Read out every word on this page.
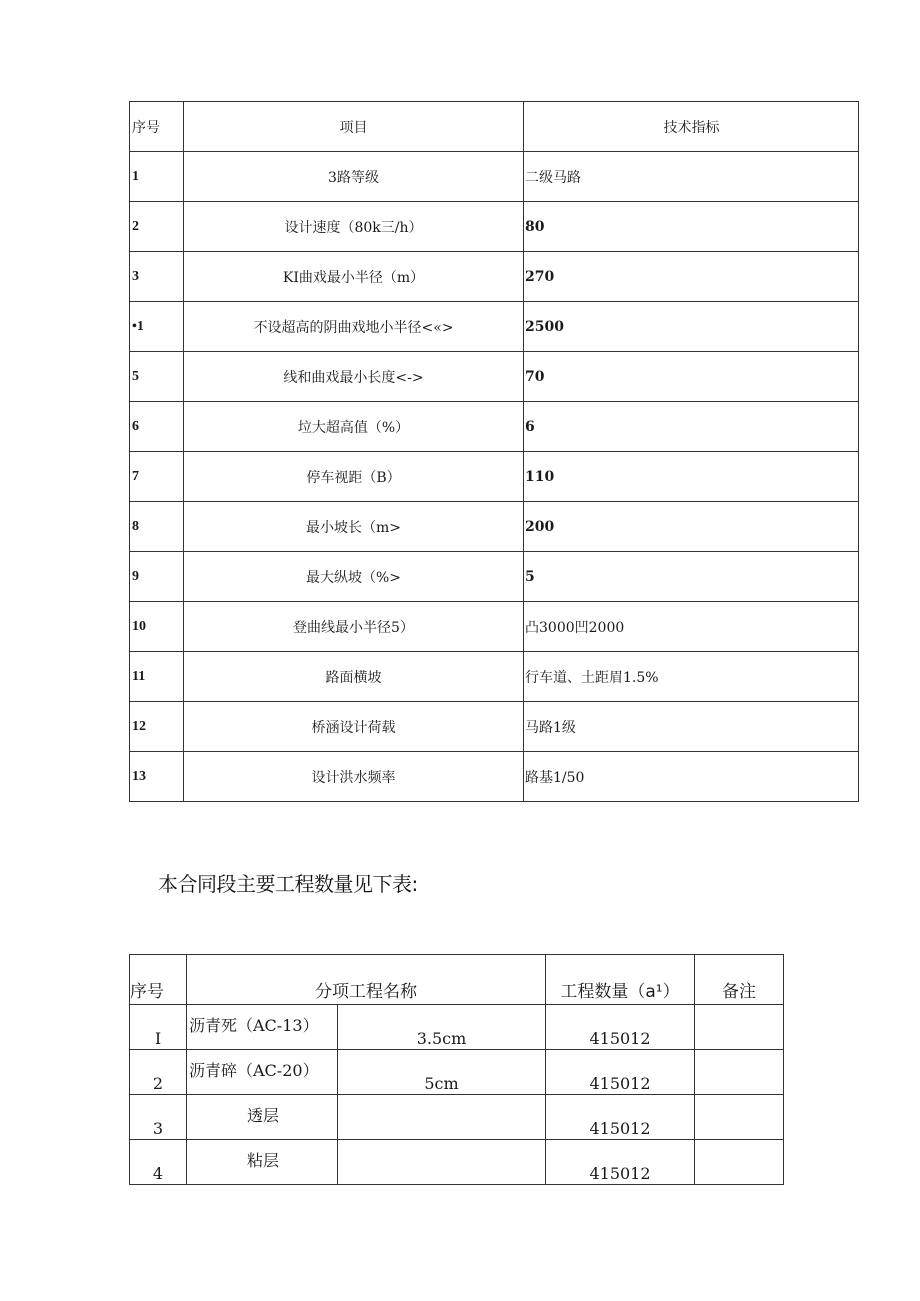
序号	项目	技术指标
1	3路等级	二级马路
2	设计速度（80k三/h）	80
3	KI曲戏最小半径（m）	270
•1	不设超高的阴曲戏地小半径<«>	2500
5	线和曲戏最小长度<->	70
6	垃大超高值（%）	6
7	停车视距（B）	110
8	最小坡长（m>	200
9	最大纵坡（%>	5
10	登曲线最小半径5）	凸3000凹2000
11	路面横坡	行车道、土距眉1.5%
12	桥涵设计荷载	马路1级
13	设计洪水频率	路基1/50
本合同段主要工程数量见下表:
序号	分项工程名称		工程数量（a¹）	备注
I	沥青死（AC-13）	3.5cm	415012	
2	沥青碎（AC-20）	5cm	415012	
3	透层		415012	
4	粘层		415012	
